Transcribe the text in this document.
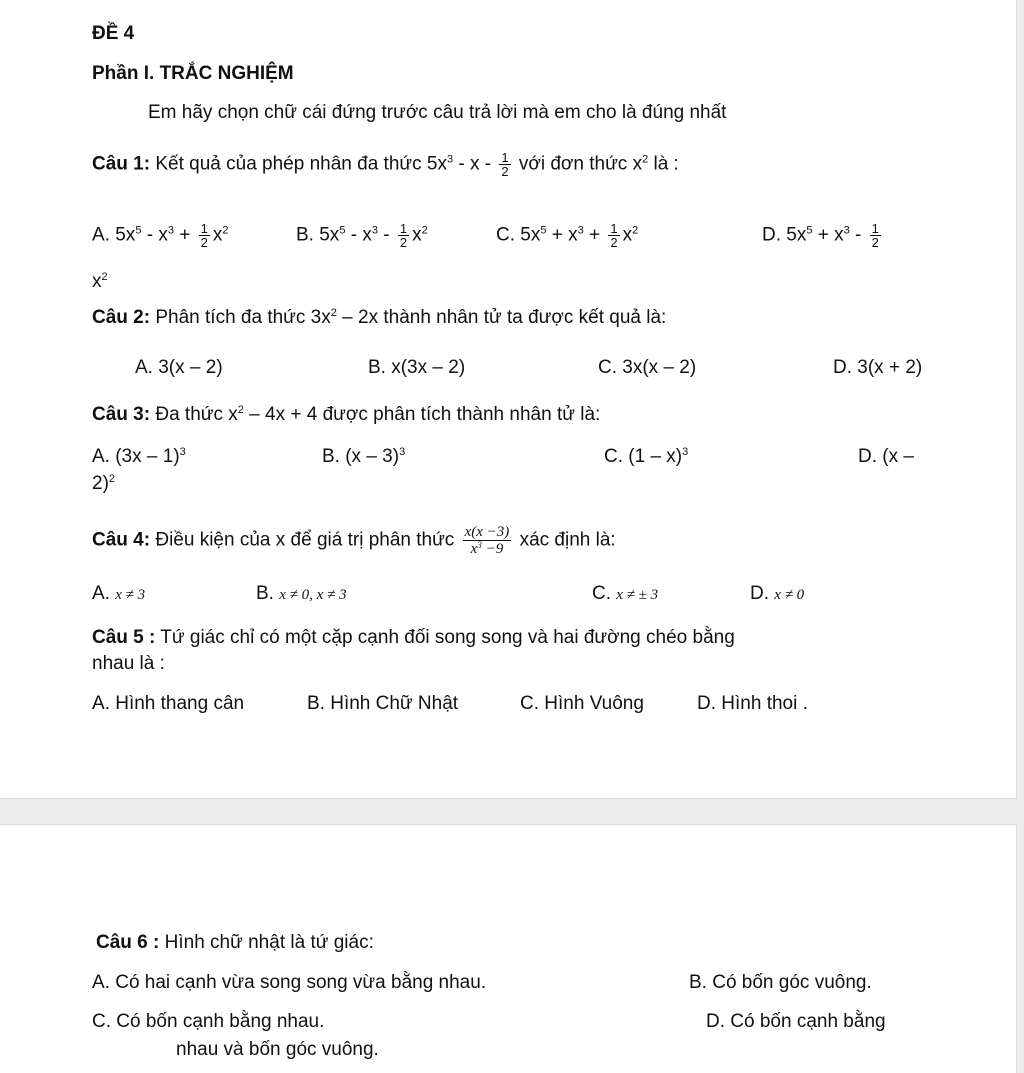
ĐỀ 4
Phần I. TRẮC NGHIỆM
Em hãy chọn chữ cái đứng trước câu trả lời mà em cho là đúng nhất
Câu 1: Kết quả của phép nhân đa thức $5x^3$ - x - $\frac{1}{2}$ với đơn thức $x^2$ là :
A. $5x^5 - x^3 + \frac{1}{2} x^2$	B. $5x^5 - x^3 - \frac{1}{2} x^2$	C. $5x^5 + x^3 + \frac{1}{2} x^2$	D. $5x^5 + x^3 - \frac{1}{2}$
$x^2$
Câu 2: Phân tích đa thức $3x^2 - 2x$ thành nhân tử ta được kết quả là:
A. 3(x – 2)	B. x(3x – 2)	C. 3x(x – 2)	D. 3(x + 2)
Câu 3: Đa thức $x^2 - 4x + 4$ được phân tích thành nhân tử là:
A. (3x – 1)$^3$	B. (x – 3)$^3$	C. (1 – x)$^3$	D. (x –
2)$^2$
Câu 4: Điều kiện của x để giá trị phân thức $\frac{x(x -3)}{x^3 -9}$ xác định là:
A. x ≠ 3	B. x ≠ 0, x ≠ 3	C. x ≠ ± 3	D. x ≠ 0
Câu 5 : Tứ giác chỉ có một cặp cạnh đối song song và hai đường chéo bằng
nhau là :
A. Hình thang cân	B. Hình Chữ Nhật	C. Hình Vuông	D. Hình thoi .
Câu 6 : Hình chữ nhật là tứ giác:
A. Có hai cạnh vừa song song vừa bằng nhau.	B. Có bốn góc vuông.
C. Có bốn cạnh bằng nhau.	D. Có bốn cạnh bằng
nhau và bốn góc vuông.
